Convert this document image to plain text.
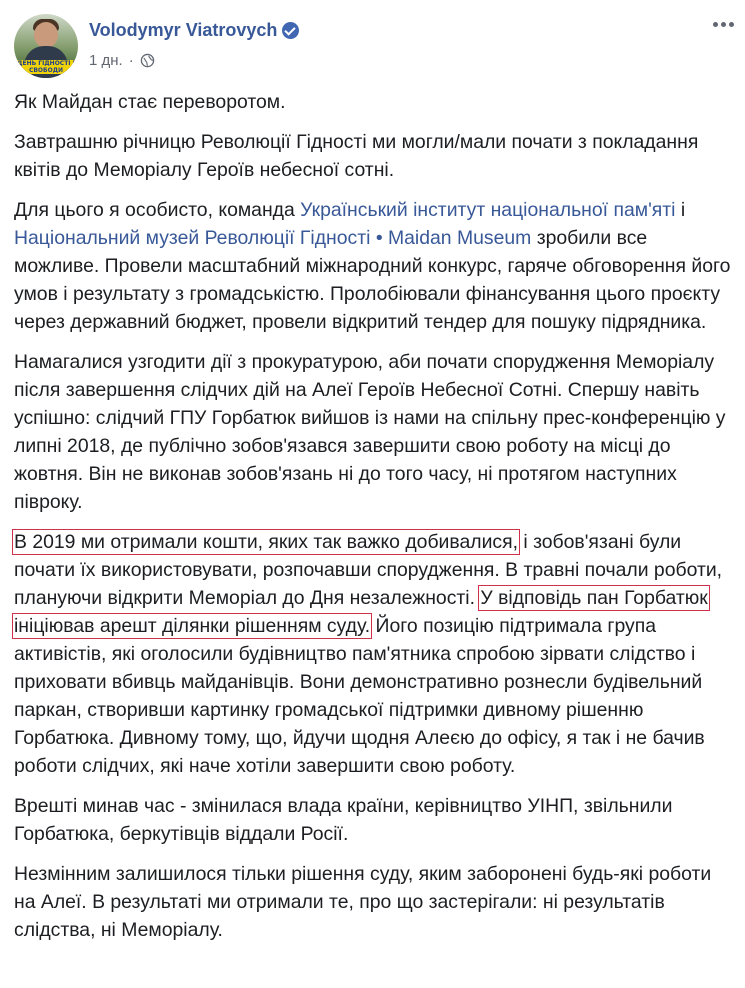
ДЕНЬ ГІДНОСТІ І СВОБОДИ
Volodymyr Viatrovych
1 дн. ·

Як Майдан стає переворотом.

Завтрашню річницю Революції Гідності ми могли/мали почати з покладання квітів до Меморіалу Героїв небесної сотні.

Для цього я особисто, команда Український інститут національної пам'яті і Національний музей Революції Гідності • Maidan Museum зробили все можливе. Провели масштабний міжнародний конкурс, гаряче обговорення його умов і результату з громадськістю. Пролобіювали фінансування цього проєкту через державний бюджет, провели відкритий тендер для пошуку підрядника.

Намагалися узгодити дії з прокуратурою, аби почати спорудження Меморіалу після завершення слідчих дій на Алеї Героїв Небесної Сотні. Спершу навіть успішно: слідчий ГПУ Горбатюк вийшов із нами на спільну прес-конференцію у липні 2018, де публічно зобов'язався завершити свою роботу на місці до жовтня. Він не виконав зобов'язань ні до того часу, ні протягом наступних півроку.

В 2019 ми отримали кошти, яких так важко добивалися, і зобов'язані були почати їх використовувати, розпочавши спорудження. В травні почали роботи, плануючи відкрити Меморіал до Дня незалежності. У відповідь пан Горбатюк ініціював арешт ділянки рішенням суду. Його позицію підтримала група активістів, які оголосили будівництво пам'ятника спробою зірвати слідство і приховати вбивць майданівців. Вони демонстративно рознесли будівельний паркан, створивши картинку громадської підтримки дивному рішенню Горбатюка. Дивному тому, що, йдучи щодня Алеєю до офісу, я так і не бачив роботи слідчих, які наче хотіли завершити свою роботу.

Врешті минав час - змінилася влада країни, керівництво УІНП, звільнили Горбатюка, беркутівців віддали Росії.

Незмінним залишилося тільки рішення суду, яким заборонені будь-які роботи на Алеї. В результаті ми отримали те, про що застерігали: ні результатів слідства, ні Меморіалу.
